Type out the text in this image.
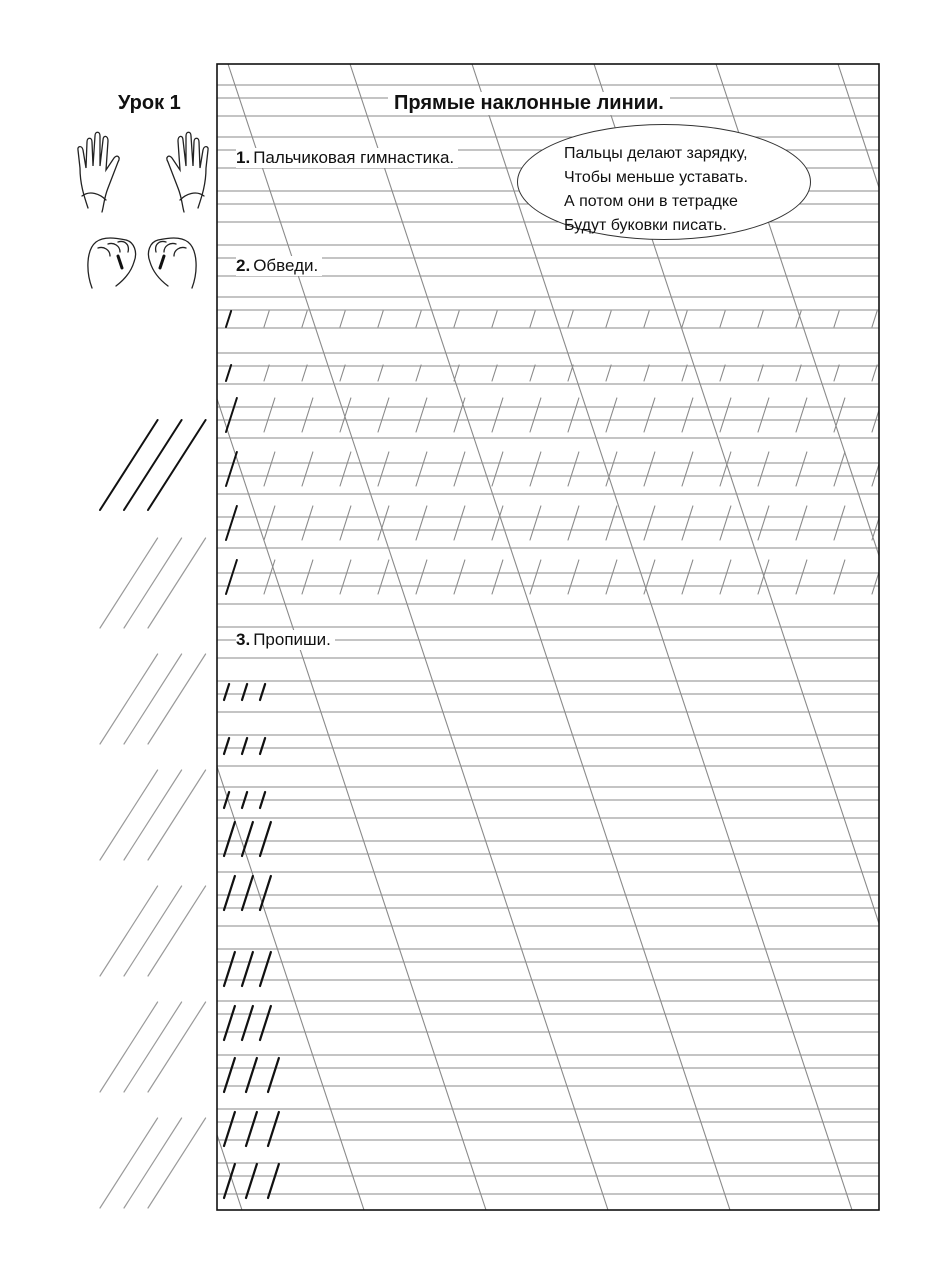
Урок 1	Прямые наклонные линии.
1. Пальчиковая гимнастика.
2. Обведи.
3. Пропиши.
Пальцы делают зарядку,
Чтобы меньше уставать.
А потом они в тетрадке
Будут буковки писать.
